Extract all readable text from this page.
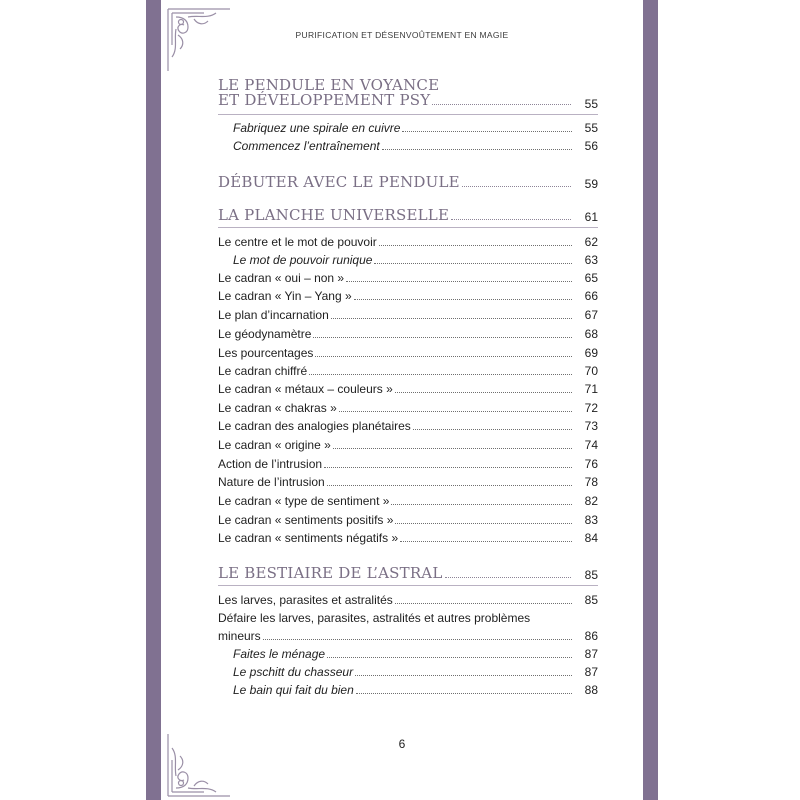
PURIFICATION ET DÉSENVOÛTEMENT EN MAGIE
LE PENDULE EN VOYANCE
ET DÉVELOPPEMENT PSY	55
Fabriquez une spirale en cuivre	55
Commencez l’entraînement	56
DÉBUTER AVEC LE PENDULE	59
LA PLANCHE UNIVERSELLE	61
Le centre et le mot de pouvoir	62
Le mot de pouvoir runique	63
Le cadran « oui – non »	65
Le cadran « Yin – Yang »	66
Le plan d’incarnation	67
Le géodynamètre	68
Les pourcentages	69
Le cadran chiffré	70
Le cadran « métaux – couleurs »	71
Le cadran « chakras »	72
Le cadran des analogies planétaires	73
Le cadran « origine »	74
Action de l’intrusion	76
Nature de l’intrusion	78
Le cadran « type de sentiment »	82
Le cadran « sentiments positifs »	83
Le cadran « sentiments négatifs »	84
LE BESTIAIRE DE L’ASTRAL	85
Les larves, parasites et astralités	85
Défaire les larves, parasites, astralités et autres problèmes
mineurs	86
Faites le ménage	87
Le pschitt du chasseur	87
Le bain qui fait du bien	88
6
